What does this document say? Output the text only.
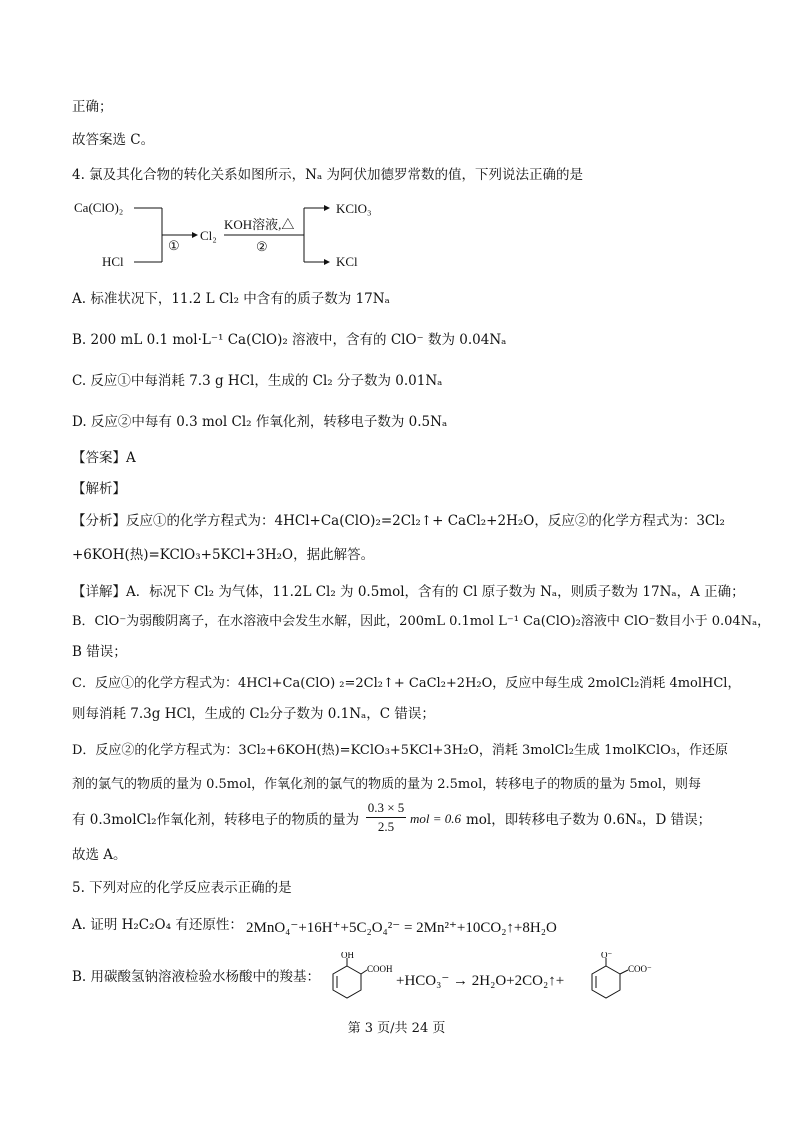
正确；
故答案选 C。
4. 氯及其化合物的转化关系如图所示，Nₐ 为阿伏加德罗常数的值，下列说法正确的是
Ca(ClO)₂
HCl
①
Cl₂
KOH溶液,△
②
KClO₃
KCl
A. 标准状况下，11.2 L Cl₂ 中含有的质子数为 17Nₐ
B. 200 mL 0.1 mol·L⁻¹ Ca(ClO)₂ 溶液中，含有的 ClO⁻ 数为 0.04Nₐ
C. 反应①中每消耗 7.3 g HCl，生成的 Cl₂ 分子数为 0.01Nₐ
D. 反应②中每有 0.3 mol Cl₂ 作氧化剂，转移电子数为 0.5Nₐ
【答案】A
【解析】
【分析】反应①的化学方程式为：4HCl+Ca(ClO)₂=2Cl₂↑+ CaCl₂+2H₂O，反应②的化学方程式为：3Cl₂
+6KOH(热)=KClO₃+5KCl+3H₂O，据此解答。
【详解】A．标况下 Cl₂ 为气体，11.2L Cl₂ 为 0.5mol，含有的 Cl 原子数为 Nₐ，则质子数为 17Nₐ，A 正确；
B．ClO⁻为弱酸阴离子，在水溶液中会发生水解，因此，200mL 0.1mol L⁻¹ Ca(ClO)₂溶液中 ClO⁻数目小于 0.04Nₐ，
B 错误；
C．反应①的化学方程式为：4HCl+Ca(ClO) ₂=2Cl₂↑+ CaCl₂+2H₂O，反应中每生成 2molCl₂消耗 4molHCl，
则每消耗 7.3g HCl，生成的 Cl₂分子数为 0.1Nₐ，C 错误；
D．反应②的化学方程式为：3Cl₂+6KOH(热)=KClO₃+5KCl+3H₂O，消耗 3molCl₂生成 1molKClO₃，作还原
剂的氯气的物质的量为 0.5mol，作氧化剂的氯气的物质的量为 2.5mol，转移电子的物质的量为 5mol，则每
有 0.3molCl₂作氧化剂，转移电子的物质的量为
0.3 × 5
2.5
mol = 0.6 mol，即转移电子数为 0.6Nₐ，D 错误；
故选 A。
5. 下列对应的化学反应表示正确的是
A. 证明 H₂C₂O₄ 有还原性： 2MnO₄⁻+16H⁺+5C₂O₄²⁻ = 2Mn²⁺+10CO₂↑+8H₂O
B. 用碳酸氢钠溶液检验水杨酸中的羧基：
OH
COOH
+HCO₃⁻ → 2H₂O+2CO₂↑+
O⁻
COO⁻
第 3 页/共 24 页
